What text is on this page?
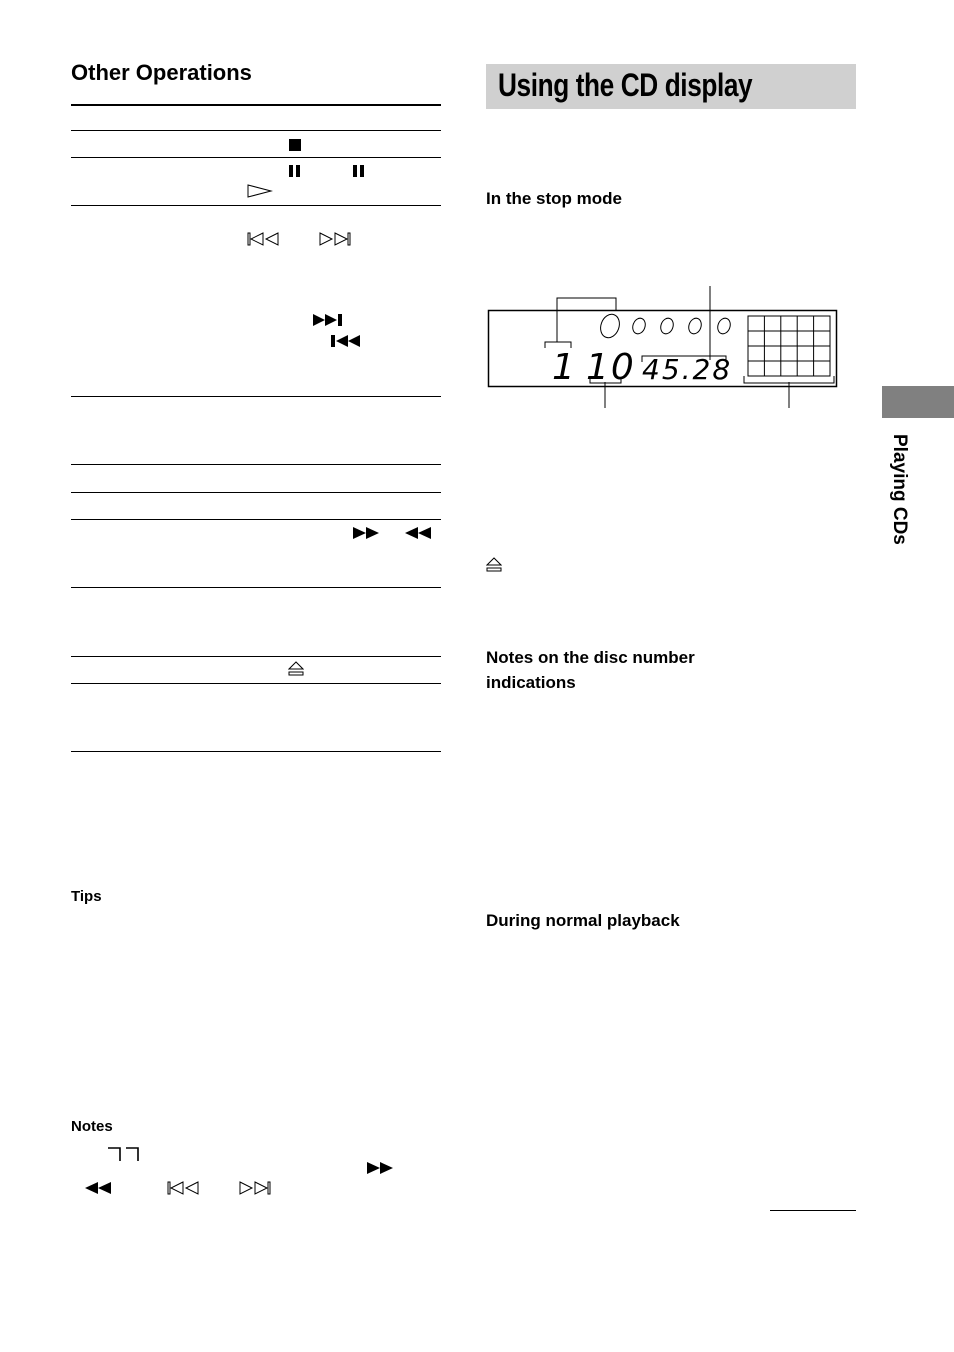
Other Operations
Tips
Notes
Using the CD display
In the stop mode
1 10 45.28
Notes on the disc number indications
During normal playback
Playing CDs
